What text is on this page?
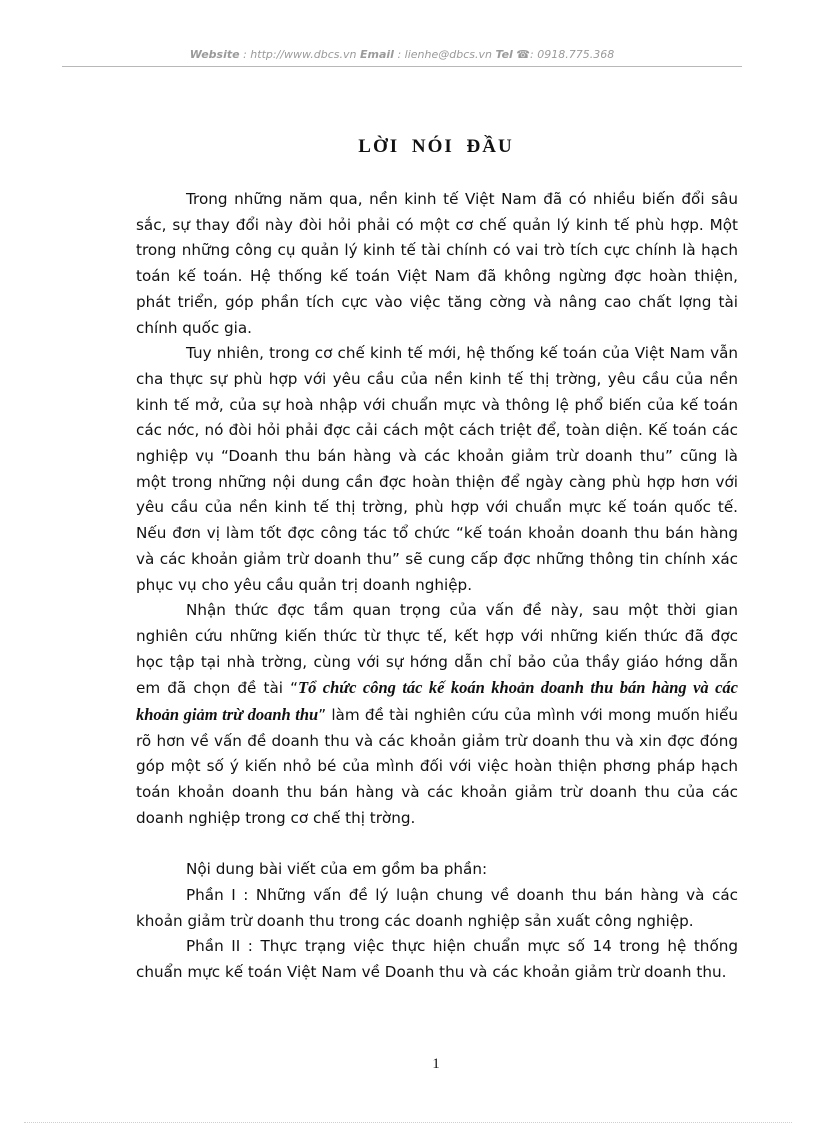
Website : http://www.dbcs.vn Email : lienhe@dbcs.vn Tel ☎: 0918.775.368
LỜI NÓI ĐẦU

Trong những năm qua, nền kinh tế Việt Nam đã có nhiều biến đổi sâu sắc, sự thay đổi này đòi hỏi phải có một cơ chế quản lý kinh tế phù hợp. Một trong những công cụ quản lý kinh tế tài chính có vai trò tích cực chính là hạch toán kế toán. Hệ thống kế toán Việt Nam đã không ngừng đợc hoàn thiện, phát triển, góp phần tích cực vào việc tăng cờng và nâng cao chất lợng tài chính quốc gia.

Tuy nhiên, trong cơ chế kinh tế mới, hệ thống kế toán của Việt Nam vẫn cha thực sự phù hợp với yêu cầu của nền kinh tế thị trờng, yêu cầu của nền kinh tế mở, của sự hoà nhập với chuẩn mực và thông lệ phổ biến của kế toán các nớc, nó đòi hỏi phải đợc cải cách một cách triệt để, toàn diện. Kế toán các nghiệp vụ “Doanh thu bán hàng và các khoản giảm trừ doanh thu” cũng là một trong những nội dung cần đợc hoàn thiện để ngày càng phù hợp hơn với yêu cầu của nền kinh tế thị trờng, phù hợp với chuẩn mực kế toán quốc tế. Nếu đơn vị làm tốt đợc công tác tổ chức “kế toán khoản doanh thu bán hàng và các khoản giảm trừ doanh thu” sẽ cung cấp đợc những thông tin chính xác phục vụ cho yêu cầu quản trị doanh nghiệp.

Nhận thức đợc tầm quan trọng của vấn đề này, sau một thời gian nghiên cứu những kiến thức từ thực tế, kết hợp với những kiến thức đã đợc học tập tại nhà trờng, cùng với sự hớng dẫn chỉ bảo của thầy giáo hớng dẫn em đã chọn đề tài “Tổ chức công tác kế koán khoản doanh thu bán hàng và các khoản giảm trừ doanh thu” làm đề tài nghiên cứu của mình với mong muốn hiểu rõ hơn về vấn đề doanh thu và các khoản giảm trừ doanh thu và xin đợc đóng góp một số ý kiến nhỏ bé của mình đối với việc hoàn thiện phơng pháp hạch toán khoản doanh thu bán hàng và các khoản giảm trừ doanh thu của các doanh nghiệp trong cơ chế thị trờng.

Nội dung bài viết của em gồm ba phần:

Phần I : Những vấn đề lý luận chung về doanh thu bán hàng và các khoản giảm trừ doanh thu trong các doanh nghiệp sản xuất công nghiệp.

Phần II : Thực trạng việc thực hiện chuẩn mực số 14 trong hệ thống chuẩn mực kế toán Việt Nam về Doanh thu và các khoản giảm trừ doanh thu.

1
